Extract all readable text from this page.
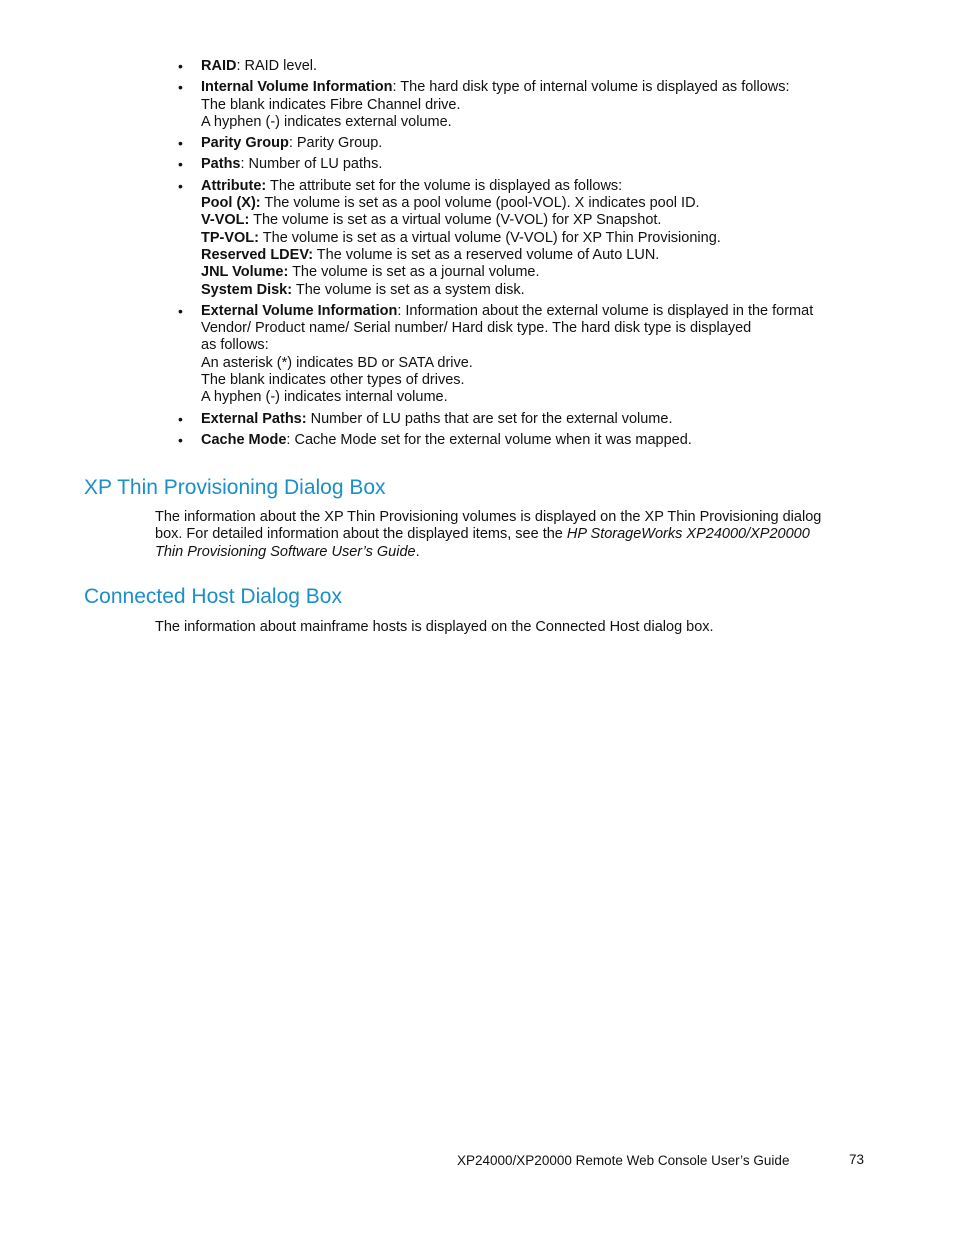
• RAID: RAID level.
• Internal Volume Information: The hard disk type of internal volume is displayed as follows:
The blank indicates Fibre Channel drive.
A hyphen (-) indicates external volume.
• Parity Group: Parity Group.
• Paths: Number of LU paths.
• Attribute: The attribute set for the volume is displayed as follows:
Pool (X): The volume is set as a pool volume (pool-VOL). X indicates pool ID.
V-VOL: The volume is set as a virtual volume (V-VOL) for XP Snapshot.
TP-VOL: The volume is set as a virtual volume (V-VOL) for XP Thin Provisioning.
Reserved LDEV: The volume is set as a reserved volume of Auto LUN.
JNL Volume: The volume is set as a journal volume.
System Disk: The volume is set as a system disk.
• External Volume Information: Information about the external volume is displayed in the format
Vendor/ Product name/ Serial number/ Hard disk type. The hard disk type is displayed
as follows:
An asterisk (*) indicates BD or SATA drive.
The blank indicates other types of drives.
A hyphen (-) indicates internal volume.
• External Paths: Number of LU paths that are set for the external volume.
• Cache Mode: Cache Mode set for the external volume when it was mapped.
XP Thin Provisioning Dialog Box

The information about the XP Thin Provisioning volumes is displayed on the XP Thin Provisioning dialog
box. For detailed information about the displayed items, see the HP StorageWorks XP24000/XP20000
Thin Provisioning Software User’s Guide.

Connected Host Dialog Box

The information about mainframe hosts is displayed on the Connected Host dialog box.

XP24000/XP20000 Remote Web Console User’s Guide	73
